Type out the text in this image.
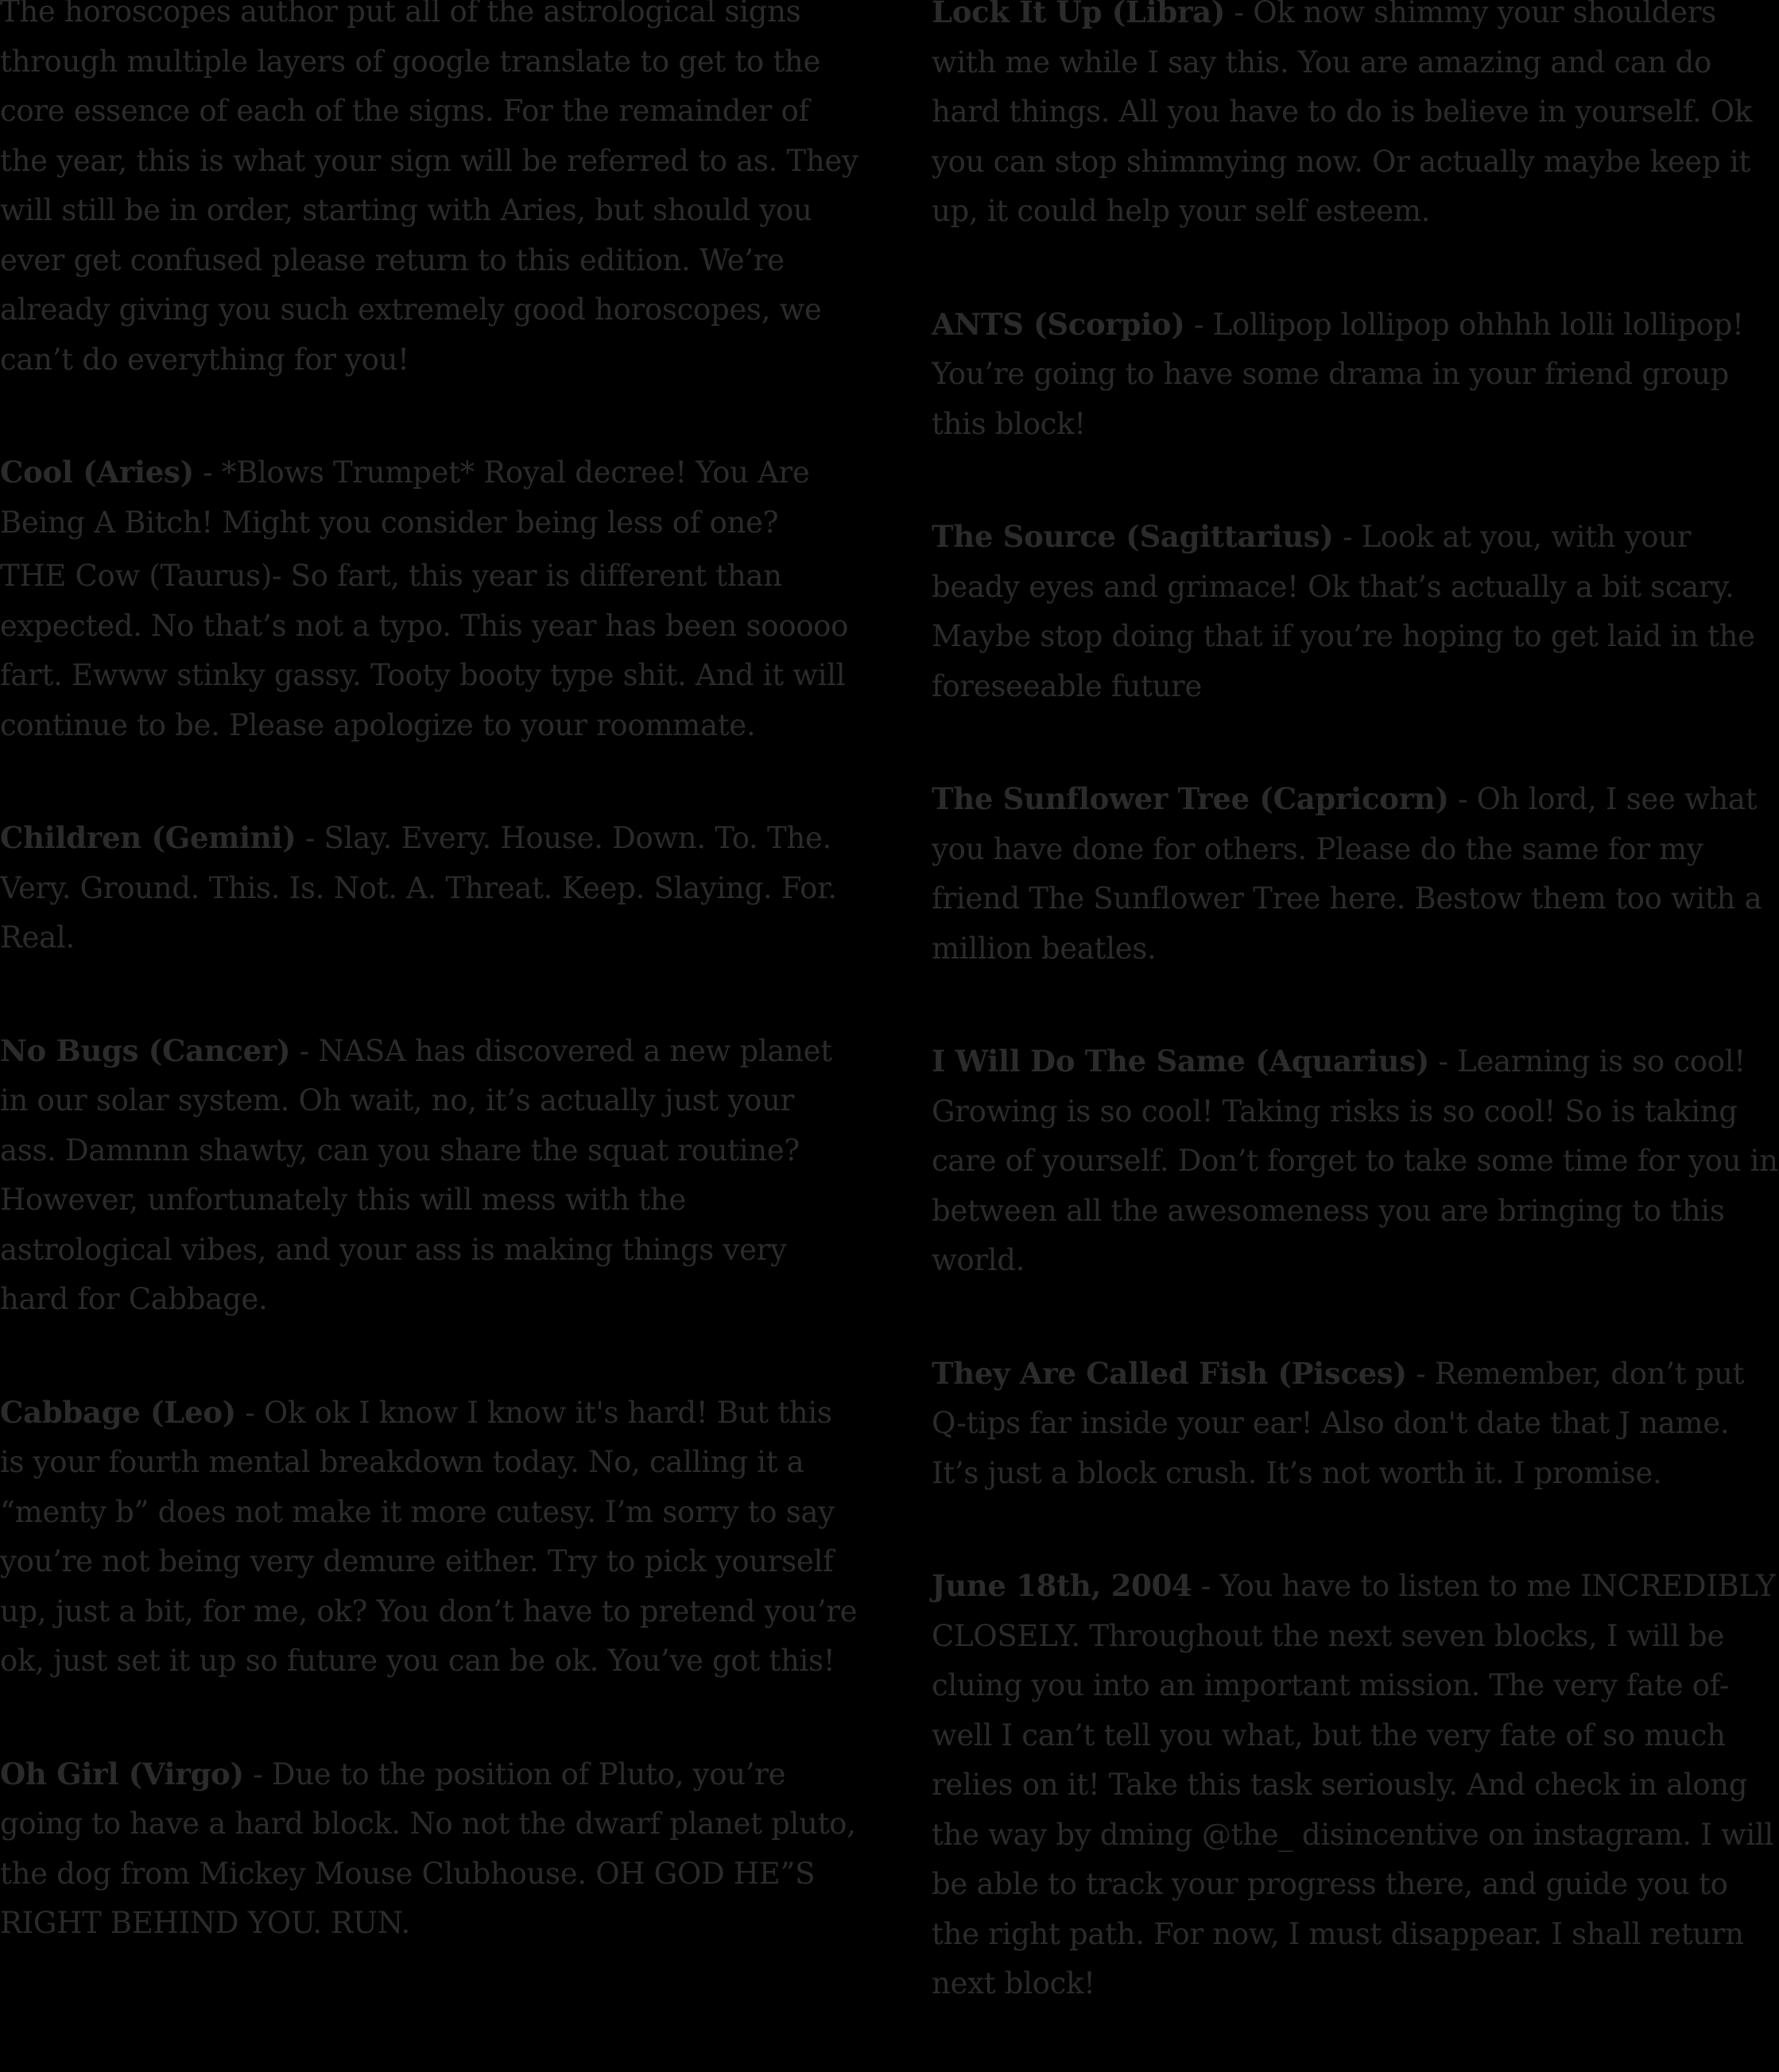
The horoscopes author put all of the astrological signs through multiple layers of google translate to get to the core essence of each of the signs. For the remainder of the year, this is what your sign will be referred to as. They will still be in order, starting with Aries, but should you ever get confused please return to this edition. We’re already giving you such extremely good horoscopes, we can’t do everything for you!

Cool (Aries) - *Blows Trumpet* Royal decree! You Are Being A Bitch! Might you consider being less of one?

THE Cow (Taurus)- So fart, this year is different than expected. No that’s not a typo. This year has been sooooo fart. Ewww stinky gassy. Tooty booty type shit. And it will continue to be. Please apologize to your roommate.

Children (Gemini) - Slay. Every. House. Down. To. The. Very. Ground. This. Is. Not. A. Threat. Keep. Slaying. For. Real.

No Bugs (Cancer) - NASA has discovered a new planet in our solar system. Oh wait, no, it’s actually just your ass. Damnnn shawty, can you share the squat routine? However, unfortunately this will mess with the astrological vibes, and your ass is making things very hard for Cabbage.

Cabbage (Leo) - Ok ok I know I know it's hard! But this is your fourth mental breakdown today. No, calling it a “menty b” does not make it more cutesy. I’m sorry to say you’re not being very demure either. Try to pick yourself up, just a bit, for me, ok? You don’t have to pretend you’re ok, just set it up so future you can be ok. You’ve got this!

Oh Girl (Virgo) - Due to the position of Pluto, you’re going to have a hard block. No not the dwarf planet pluto, the dog from Mickey Mouse Clubhouse. OH GOD HE”S RIGHT BEHIND YOU. RUN.

Lock It Up (Libra) - Ok now shimmy your shoulders with me while I say this. You are amazing and can do hard things. All you have to do is believe in yourself. Ok you can stop shimmying now. Or actually maybe keep it up, it could help your self esteem.

ANTS (Scorpio) - Lollipop lollipop ohhhh lolli lollipop! You’re going to have some drama in your friend group this block!

The Source (Sagittarius) - Look at you, with your beady eyes and grimace! Ok that’s actually a bit scary. Maybe stop doing that if you’re hoping to get laid in the foreseeable future

The Sunflower Tree (Capricorn) - Oh lord, I see what you have done for others. Please do the same for my friend The Sunflower Tree here. Bestow them too with a million beatles.

I Will Do The Same (Aquarius) - Learning is so cool! Growing is so cool! Taking risks is so cool! So is taking care of yourself. Don’t forget to take some time for you in between all the awesomeness you are bringing to this world.

They Are Called Fish (Pisces) - Remember, don’t put Q-tips far inside your ear! Also don't date that J name. It’s just a block crush. It’s not worth it. I promise.

June 18th, 2004 - You have to listen to me INCREDIBLY CLOSELY. Throughout the next seven blocks, I will be cluing you into an important mission. The very fate of- well I can’t tell you what, but the very fate of so much relies on it! Take this task seriously. And check in along the way by dming @the_ disincentive on instagram. I will be able to track your progress there, and guide you to the right path. For now, I must disappear. I shall return next block!
